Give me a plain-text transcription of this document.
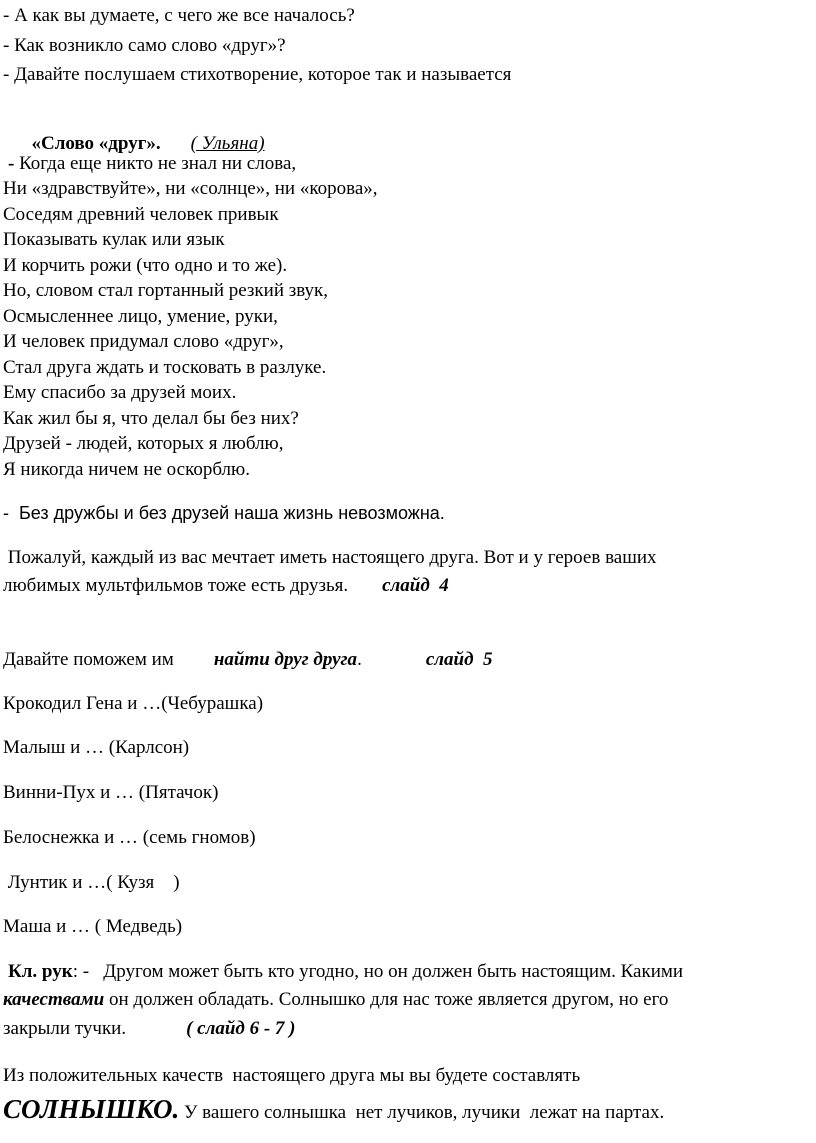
- А как вы думаете, с чего же все началось?
- Как возникло само слово «друг»?
- Давайте послушаем стихотворение, которое так и называется

«Слово «друг». ( Ульяна)

- Когда еще никто не знал ни слова,
Ни «здравствуйте», ни «солнце», ни «корова»,
Соседям древний человек привык
Показывать кулак или язык
И корчить рожи (что одно и то же).
Но, словом стал гортанный резкий звук,
Осмысленнее лицо, умение, руки,
И человек придумал слово «друг»,
Стал друга ждать и тосковать в разлуке.
Ему спасибо за друзей моих.
Как жил бы я, что делал бы без них?
Друзей - людей, которых я люблю,
Я никогда ничем не оскорблю.
-  Без дружбы и без друзей наша жизнь невозможна.
Пожалуй, каждый из вас мечтает иметь настоящего друга. Вот и у героев ваших
любимых мультфильмов тоже есть друзья. слайд  4
Давайте поможем им найти друг друга.	слайд  5
Крокодил Гена и …(Чебурашка)
Малыш и … (Карлсон)
Винни-Пух и … (Пятачок)
Белоснежка и … (семь гномов)
Лунтик и …( Кузя    )
Маша и … ( Медведь)
Кл. рук: -   Другом может быть кто угодно, но он должен быть настоящим. Какими
качествами он должен обладать. Солнышко для нас тоже является другом, но его
закрыли тучки.	( слайд 6 - 7 )
Из положительных качеств  настоящего друга мы вы будете составлять
СОЛНЫШКО. У вашего солнышка  нет лучиков, лучики  лежат на партах.
